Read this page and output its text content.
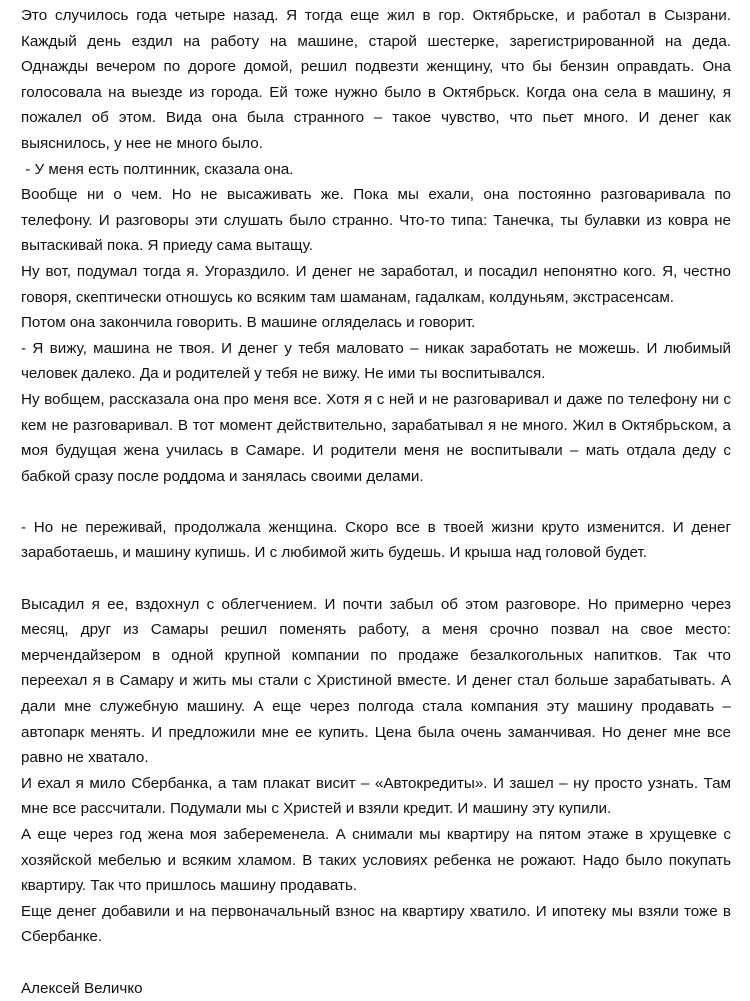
Это случилось года четыре назад. Я тогда еще жил в гор. Октябрьске, и работал в Сызрани. Каждый день ездил на работу на машине, старой шестерке, зарегистрированной на деда. Однажды вечером по дороге домой, решил подвезти женщину, что бы бензин оправдать. Она голосовала на выезде из города. Ей тоже нужно было в Октябрьск. Когда она села в машину, я пожалел об этом. Вида она была странного – такое чувство, что пьет много. И денег как выяснилось, у нее не много было.

- У меня есть полтинник, сказала она.

Вообще ни о чем. Но не высаживать же. Пока мы ехали, она постоянно разговаривала по телефону. И разговоры эти слушать было странно. Что-то типа: Танечка, ты булавки из ковра не вытаскивай пока. Я приеду сама вытащу.

Ну вот, подумал тогда я. Угораздило. И денег не заработал, и посадил непонятно кого. Я, честно говоря, скептически отношусь ко всяким там шаманам, гадалкам, колдуньям, экстрасенсам.

Потом она закончила говорить. В машине огляделась и говорит.

- Я вижу, машина не твоя. И денег у тебя маловато – никак заработать не можешь. И любимый человек далеко. Да и родителей у тебя не вижу. Не ими ты воспитывался.

Ну вобщем, рассказала она про меня все. Хотя я с ней и не разговаривал и даже по телефону ни с кем не разговаривал. В тот момент действительно, зарабатывал я не много. Жил в Октябрьском, а моя будущая жена училась в Самаре. И родители меня не воспитывали – мать отдала деду с бабкой сразу после роддома и занялась своими делами.

- Но не переживай, продолжала женщина. Скоро все в твоей жизни круто изменится. И денег заработаешь, и машину купишь. И с любимой жить будешь. И крыша над головой будет.

Высадил я ее, вздохнул с облегчением. И почти забыл об этом разговоре. Но примерно через месяц, друг из Самары решил поменять работу, а меня срочно позвал на свое место: мерчендайзером в одной крупной компании по продаже безалкогольных напитков. Так что переехал я в Самару и жить мы стали с Христиной вместе. И денег стал больше зарабатывать. А дали мне служебную машину. А еще через полгода стала компания эту машину продавать – автопарк менять. И предложили мне ее купить. Цена была очень заманчивая. Но денег мне все равно не хватало.

И ехал я мило Сбербанка, а там плакат висит – «Автокредиты». И зашел – ну просто узнать. Там мне все рассчитали. Подумали мы с Христей и взяли кредит. И машину эту купили.

А еще через год жена моя забеременела. А снимали мы квартиру на пятом этаже в хрущевке с хозяйской мебелью и всяким хламом. В таких условиях ребенка не рожают. Надо было покупать квартиру. Так что пришлось машину продавать.

Еще денег добавили и на первоначальный взнос на квартиру хватило. И ипотеку мы взяли тоже в Сбербанке.

Алексей Величко
